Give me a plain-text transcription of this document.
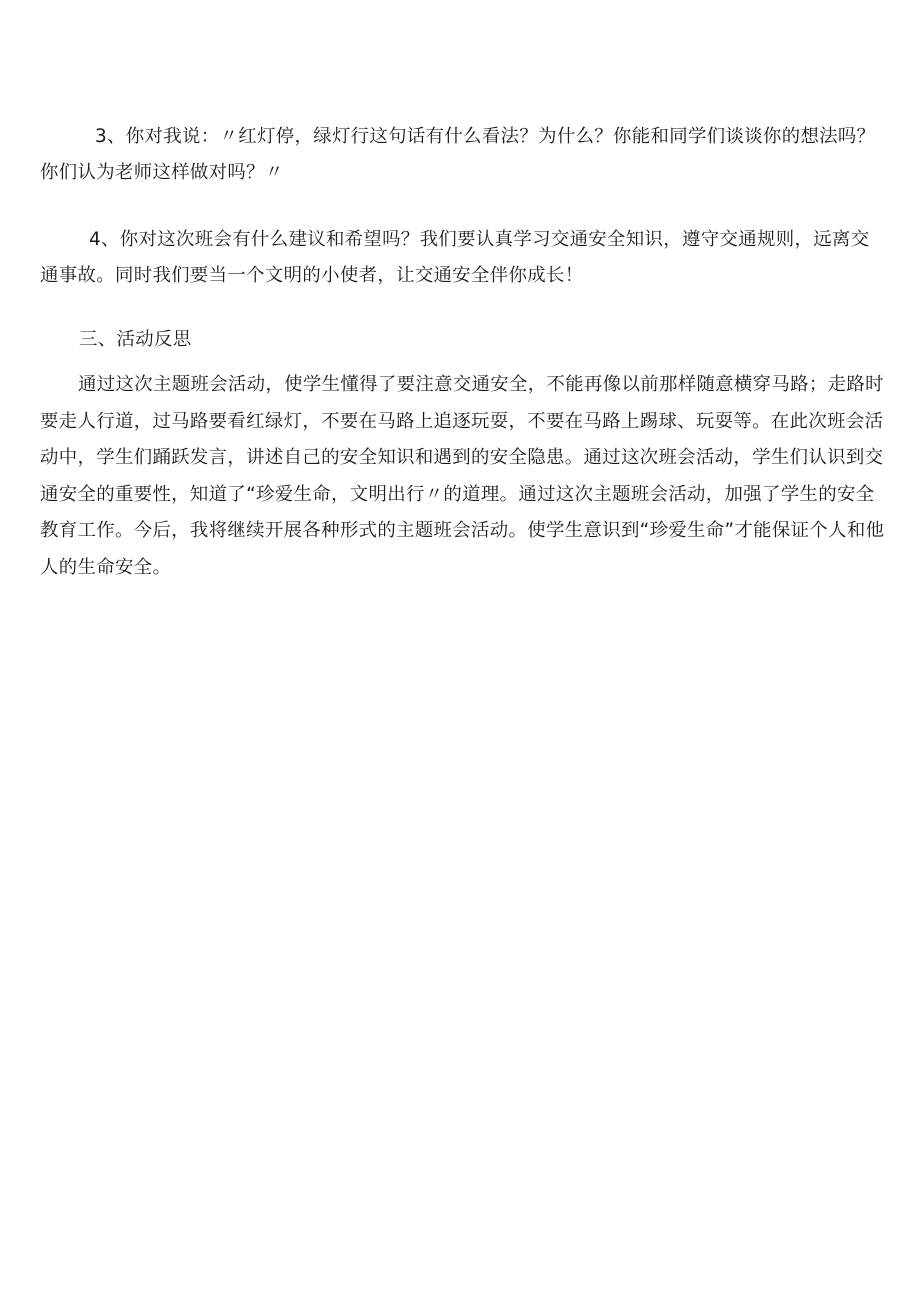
3、你对我说：〃红灯停，绿灯行这句话有什么看法？为什么？你能和同学们谈谈你的想法吗？你们认为老师这样做对吗？〃

4、你对这次班会有什么建议和希望吗？我们要认真学习交通安全知识，遵守交通规则，远离交通事故。同时我们要当一个文明的小使者，让交通安全伴你成长！

三、活动反思

通过这次主题班会活动，使学生懂得了要注意交通安全，不能再像以前那样随意横穿马路；走路时要走人行道，过马路要看红绿灯，不要在马路上追逐玩耍，不要在马路上踢球、玩耍等。在此次班会活动中，学生们踊跃发言，讲述自己的安全知识和遇到的安全隐患。通过这次班会活动，学生们认识到交通安全的重要性，知道了“珍爱生命，文明出行〃的道理。通过这次主题班会活动，加强了学生的安全教育工作。今后，我将继续开展各种形式的主题班会活动。使学生意识到“珍爱生命”才能保证个人和他人的生命安全。
